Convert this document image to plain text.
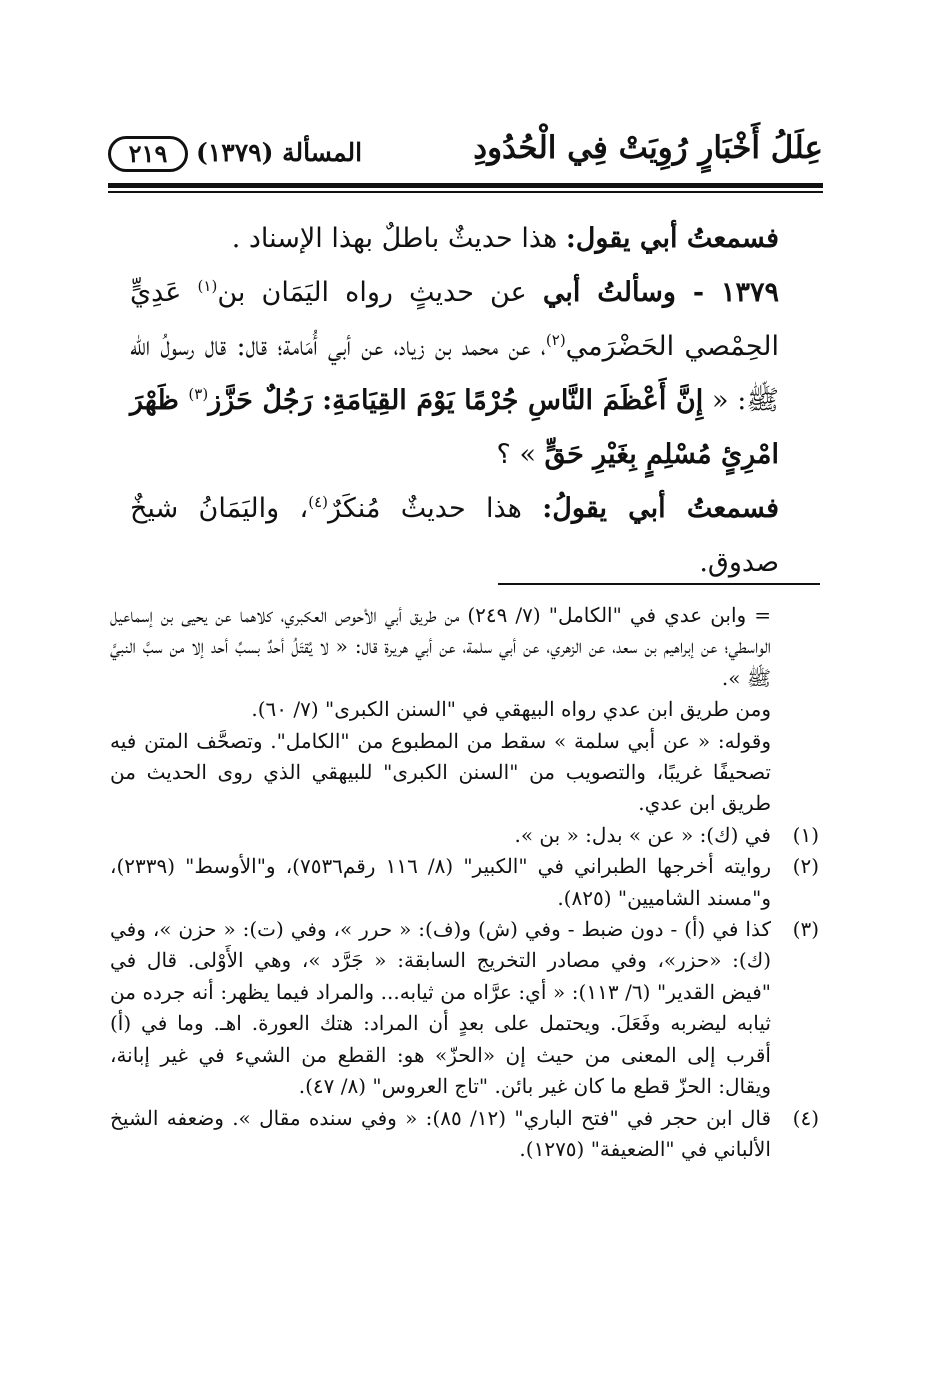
عِلَلُ أَخْبَارٍ رُوِيَتْ فِي الْحُدُودِ
المسألة (١٣٧٩)
٢١٩

فسمعتُ أبي يقول: هذا حديثٌ باطلٌ بهذا الإسناد .

١٣٧٩ - وسألتُ أبي عن حديثٍ رواه اليَمَان بن$^{(١)}$ عَدِيٍّ الحِمْصي الحَضْرَمي$^{(٢)}$، عن محمد بن زياد، عن أبي أُمَامة؛ قال: قال رسولُ الله ﷺ: « إِنَّ أَعْظَمَ النَّاسِ جُرْمًا يَوْمَ القِيَامَةِ: رَجُلٌ حَزَّز$^{(٣)}$ ظَهْرَ امْرِئٍ مُسْلِمٍ بِغَيْرِ حَقٍّ » ؟

فسمعتُ أبي يقولُ: هذا حديثٌ مُنكَرٌ$^{(٤)}$، واليَمَانُ شيخٌ صدوق.

= وابن عدي في "الكامل" (٧/ ٢٤٩) من طريق أبي الأحوص العكبري، كلاهما عن يحيى بن إسماعيل الواسطي؛ عن إبراهيم بن سعد، عن الزهري، عن أبي سلمة، عن أبي هريرة قال: « لا يُقتَلُ أحدٌ بسبِّ أحد إلا من سبَّ النبيَّ ﷺ ».

ومن طريق ابن عدي رواه البيهقي في "السنن الكبرى" (٧/ ٦٠).

وقوله: « عن أبي سلمة » سقط من المطبوع من "الكامل". وتصحَّف المتن فيه تصحيفًا غريبًا، والتصويب من "السنن الكبرى" للبيهقي الذي روى الحديث من طريق ابن عدي.

(١)
في (ك): « عن » بدل: « بن ».

(٢)
روايته أخرجها الطبراني في "الكبير" (٨/ ١١٦ رقم٧٥٣٦)، و"الأوسط" (٢٣٣٩)، و"مسند الشاميين" (٨٢٥).

(٣)
كذا في (أ) - دون ضبط - وفي (ش) و(ف): « حرر »، وفي (ت): « حزن »، وفي (ك): «حزر»، وفي مصادر التخريج السابقة: « جَرَّد »، وهي الأَوْلى. قال في "فيض القدير" (٦/ ١١٣): « أي: عرَّاه من ثيابه... والمراد فيما يظهر: أنه جرده من ثيابه ليضربه وفَعَلَ. ويحتمل على بعدٍ أن المراد: هتك العورة. اهـ. وما في (أ) أقرب إلى المعنى من حيث إن «الحزّ» هو: القطع من الشيء في غير إبانة، ويقال: الحزّ قطع ما كان غير بائن. "تاج العروس" (٨/ ٤٧).

(٤)
قال ابن حجر في "فتح الباري" (١٢/ ٨٥): « وفي سنده مقال ». وضعفه الشيخ الألباني في "الضعيفة" (١٢٧٥).
